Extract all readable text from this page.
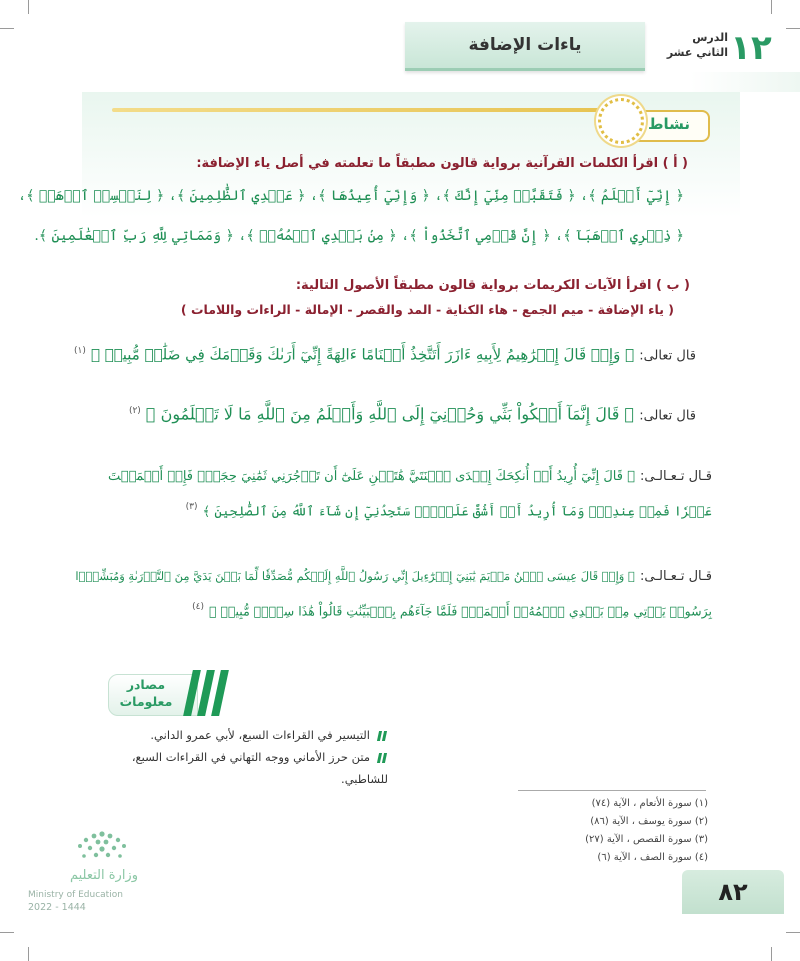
١٢
الدرس
الثاني عشر
ياءات الإضافة
نشاط
( أ ) اقرأ الكلمات القرآنية برواية قالون مطبقاً ما تعلمته في أصل ياء الإضافة:
﴿ إِنِّيٓ أَعۡلَمُ ﴾، ﴿ فَتَقَبَّلۡ مِنِّيٓ إِنَّكَ ﴾، ﴿ وَإِنِّيٓ أُعِيذُهَا ﴾، ﴿ عَهۡدِي ٱلظَّٰلِمِينَ ﴾، ﴿ لِنَفۡسِيۖ ٱذۡهَبۡ ﴾،
﴿ ذِكۡرِي ٱذۡهَبَآ ﴾، ﴿ إِنَّ قَوۡمِي ٱتَّخَذُواْ ﴾، ﴿ مِنۢ بَعۡدِي ٱسۡمُهُۥٓ ﴾، ﴿ وَمَمَاتِي لِلَّهِ رَبِّ ٱلۡعَٰلَمِينَ ﴾.
( ب ) اقرأ الآيات الكريمات برواية قالون مطبقاً الأصول التالية:
( ياء الإضافة - ميم الجمع - هاء الكناية - المد والقصر - الإمالة - الراءات واللامات )
قال تعالى: ﴿ وَإِذۡ قَالَ إِبۡرَٰهِيمُ لِأَبِيهِ ءَازَرَ أَتَتَّخِذُ أَصۡنَامًا ءَالِهَةً إِنِّيٓ أَرَىٰكَ وَقَوۡمَكَ فِي ضَلَٰلٖ مُّبِينٖ ﴾ $^{(١)}$
قال تعالى: ﴿ قَالَ إِنَّمَآ أَشۡكُواْ بَثِّي وَحُزۡنِيٓ إِلَى ٱللَّهِ وَأَعۡلَمُ مِنَ ٱللَّهِ مَا لَا تَعۡلَمُونَ ﴾ $^{(٢)}$
قـال تـعـالـى: ﴿ قَالَ إِنِّيٓ أُرِيدُ أَنۡ أُنكِحَكَ إِحۡدَى ٱبۡنَتَيَّ هَٰتَيۡنِ عَلَىٰٓ أَن تَأۡجُرَنِي ثَمَٰنِيَ حِجَجٖۖ فَإِنۡ أَتۡمَمۡتَ
عَشۡرٗا فَمِنۡ عِندِكَۖ وَمَآ أُرِيدُ أَنۡ أَشُقَّ عَلَيۡكَۚ سَتَجِدُنِيٓ إِن شَآءَ ٱللَّهُ مِنَ ٱلصَّٰلِحِينَ ﴾ $^{(٣)}$
قـال تـعـالـى: ﴿ وَإِذۡ قَالَ عِيسَى ٱبۡنُ مَرۡيَمَ يَٰبَنِيٓ إِسۡرَٰٓءِيلَ إِنِّي رَسُولُ ٱللَّهِ إِلَيۡكُم مُّصَدِّقٗا لِّمَا بَيۡنَ يَدَيَّ مِنَ ٱلتَّوۡرَىٰةِ وَمُبَشِّرَۢا
بِرَسُولٖ يَأۡتِي مِنۢ بَعۡدِي ٱسۡمُهُۥٓ أَحۡمَدُۖ فَلَمَّا جَآءَهُم بِٱلۡبَيِّنَٰتِ قَالُواْ هَٰذَا سِحۡرٞ مُّبِينٞ ﴾ $^{(٤)}$
مصادر
معلومات
التيسير في القراءات السبع، لأبي عمرو الداني.
متن حرز الأماني ووجه التهاني في القراءات السبع،
للشاطبي.
(١) سورة الأنعام ، الآية (٧٤)
(٢) سورة يوسف ، الآية (٨٦)
(٣) سورة القصص ، الآية (٢٧)
(٤) سورة الصف ، الآية (٦)
٨٢
وزارة التعليم
Ministry of Education
2022 - 1444
